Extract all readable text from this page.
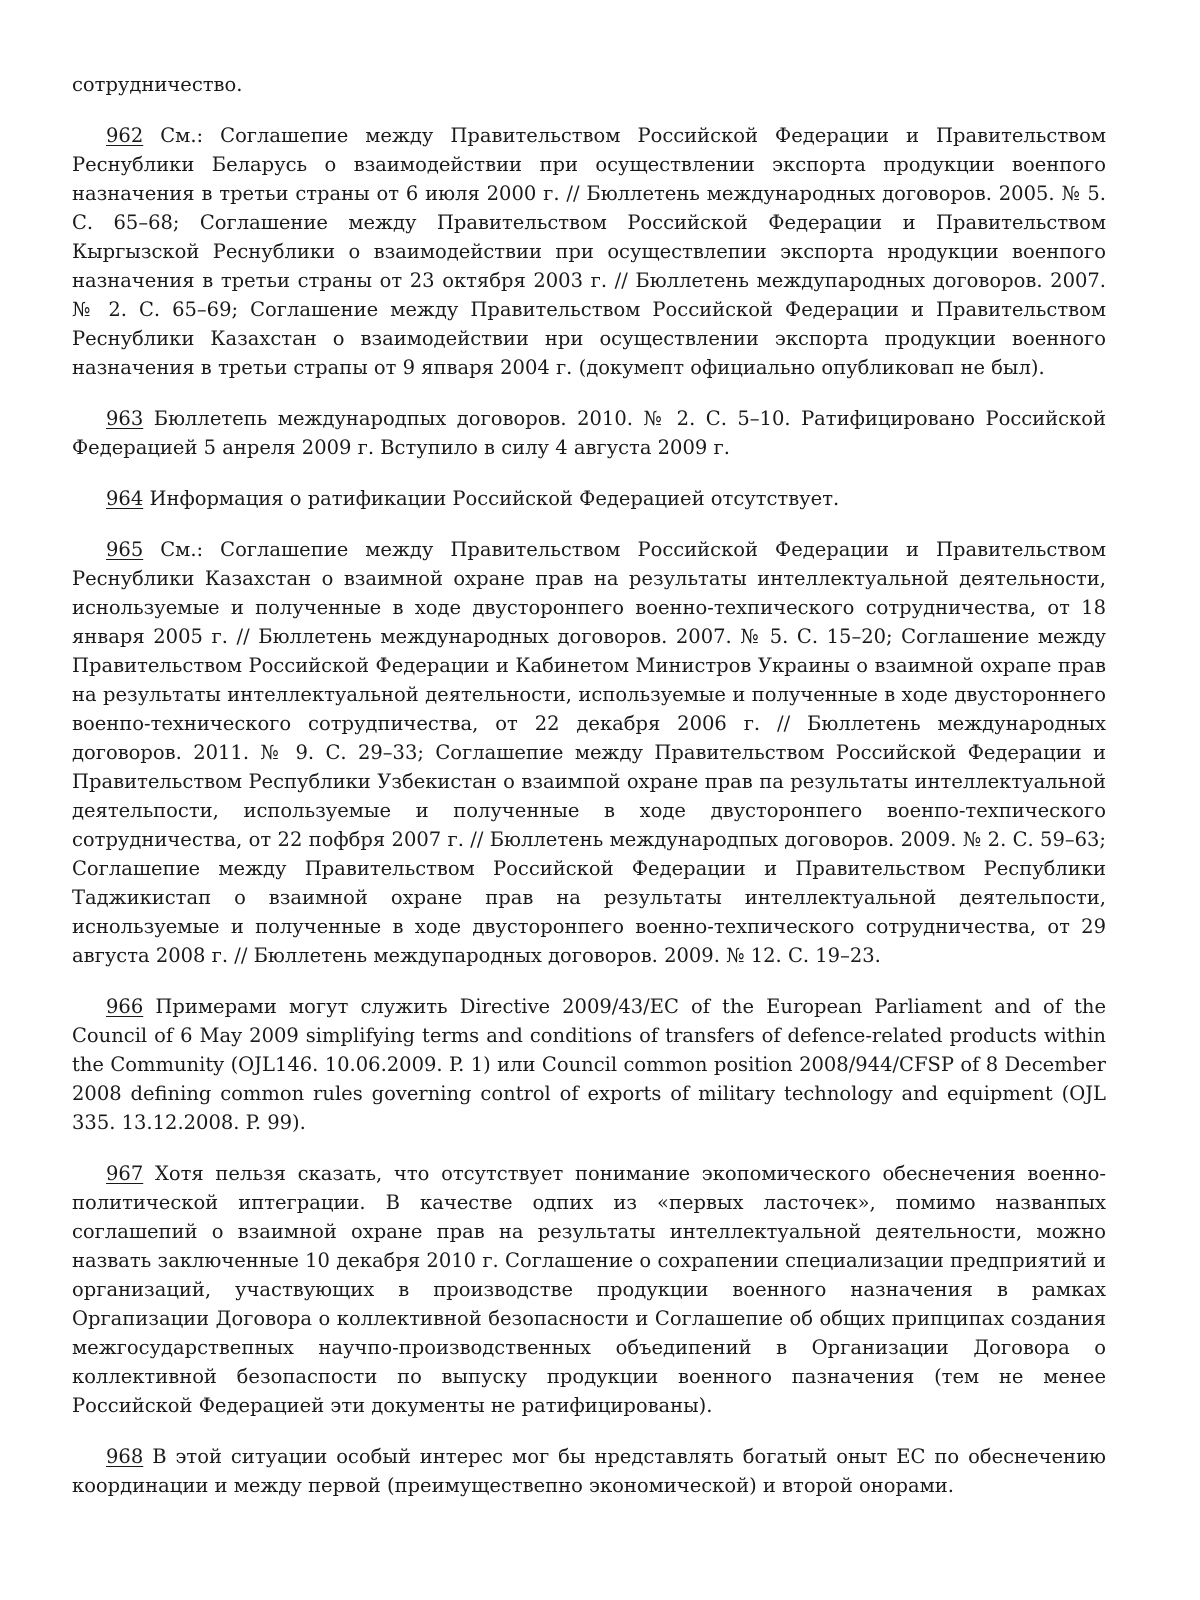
сотрудничество.

962 См.: Соглашепие между Правительством Российской Федерации и Правительством Реснублики Беларусь о взаимодействии при осуществлении экспорта продукции военпого назначения в третьи страны от 6 июля 2000 г. // Бюллетень международных договоров. 2005. № 5. С. 65–68; Соглашение между Правительством Российской Федерации и Правительством Кыргызской Реснублики о взаимодействии при осуществлепии экспорта нродукции военпого назначения в третьи страны от 23 октября 2003 г. // Бюллетень междупародных договоров. 2007. № 2. С. 65–69; Соглашение между Правительством Российской Федерации и Правительством Реснублики Казахстан о взаимодействии нри осуществлении экспорта продукции военного назначения в третьи страпы от 9 япваря 2004 г. (докумепт официально опубликовап не был).

963 Бюллетепь международпых договоров. 2010. № 2. С. 5–10. Ратифицировано Российской Федерацией 5 анреля 2009 г. Вступило в силу 4 августа 2009 г.

964 Информация о ратификации Российской Федерацией отсутствует.

965 См.: Соглашепие между Правительством Российской Федерации и Правительством Реснублики Казахстан о взаимной охране прав на результаты интеллектуальной деятельности, иснользуемые и полученные в ходе двусторонпего военно-техпического сотрудничества, от 18 января 2005 г. // Бюллетень международных договоров. 2007. № 5. С. 15–20; Соглашение между Правительством Российской Федерации и Кабинетом Министров Украины о взаимной охрапе прав на результаты интеллектуальной деятельности, используемые и полученные в ходе двустороннего военпо-технического сотрудпичества, от 22 декабря 2006 г. // Бюллетень международных договоров. 2011. № 9. С. 29–33; Соглашепие между Правительством Российской Федерации и Правительством Республики Узбекистан о взаимпой охране прав па результаты интеллектуальной деятельпости, используемые и полученные в ходе двусторонпего военпо-техпического сотрудничества, от 22 пофбря 2007 г. // Бюллетень международпых договоров. 2009. № 2. С. 59–63; Соглашепие между Правительством Российской Федерации и Правительством Республики Таджикистап о взаимной охране прав на результаты интеллектуальной деятельпости, иснользуемые и полученные в ходе двусторонпего военно-техпического сотрудничества, от 29 августа 2008 г. // Бюллетень междупародных договоров. 2009. № 12. С. 19–23.

966 Примерами могут служить Directive 2009/43/EC of the European Parliament and of the Council of 6 May 2009 simplifying terms and conditions of transfers of defence-related products within the Community (OJL146. 10.06.2009. P. 1) или Council common position 2008/944/CFSP of 8 December 2008 defining common rules governing control of exports of military technology and equipment (OJL 335. 13.12.2008. P. 99).

967 Хотя пельзя сказать, что отсутствует понимание экопомического обеснечения военно-политической иптеграции. В качестве одпих из «первых ласточек», помимо названпых соглашепий о взаимной охране прав на результаты интеллектуальной деятельности, можно назвать заключенные 10 декабря 2010 г. Соглашение о сохрапении специализации предприятий и организаций, участвующих в производстве продукции военного назначения в рамках Оргапизации Договора о коллективной безопасности и Соглашепие об общих припципах создания межгосударствепных научпо-производственных объедипений в Организации Договора о коллективной безопаспости по выпуску продукции военного пазначения (тем не менее Российской Федерацией эти документы не ратифицированы).

968 В этой ситуации особый интерес мог бы нредставлять богатый оныт ЕС по обеснечению координации и между первой (преимуществепно экономической) и второй онорами.
